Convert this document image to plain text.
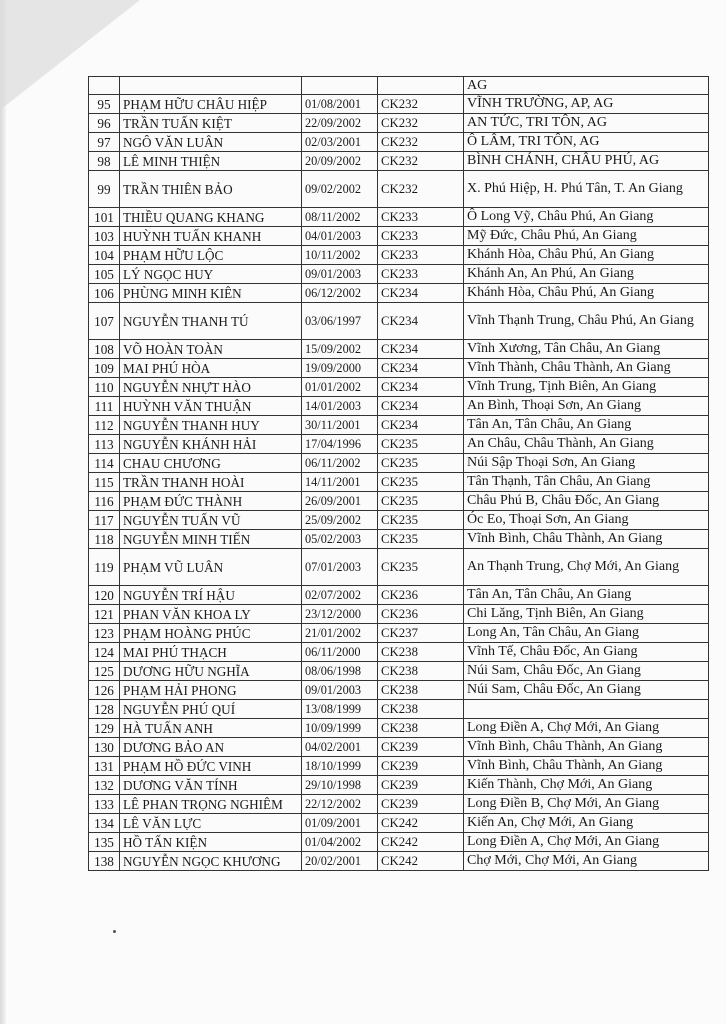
				AG
95	PHẠM HỮU CHÂU HIỆP	01/08/2001	CK232	VĨNH TRƯỜNG, AP, AG
96	TRẦN TUẤN KIỆT	22/09/2002	CK232	AN TỨC, TRI TÔN, AG
97	NGÔ VĂN LUÂN	02/03/2001	CK232	Ô LÂM, TRI TÔN, AG
98	LÊ MINH THIỆN	20/09/2002	CK232	BÌNH CHÁNH, CHÂU PHÚ, AG
99	TRẦN THIÊN BẢO	09/02/2002	CK232	X. Phú Hiệp, H. Phú Tân, T. An Giang
101	THIỀU QUANG KHANG	08/11/2002	CK233	Ô Long Vỹ, Châu Phú, An Giang
103	HUỲNH TUẤN KHANH	04/01/2003	CK233	Mỹ Đức, Châu Phú, An Giang
104	PHẠM HỮU LỘC	10/11/2002	CK233	Khánh Hòa, Châu Phú, An Giang
105	LÝ NGỌC HUY	09/01/2003	CK233	Khánh An, An Phú, An Giang
106	PHÙNG MINH KIÊN	06/12/2002	CK234	Khánh Hòa, Châu Phú, An Giang
107	NGUYỄN THANH TÚ	03/06/1997	CK234	Vĩnh Thạnh Trung, Châu Phú, An Giang
108	VÕ HOÀN TOÀN	15/09/2002	CK234	Vĩnh Xương, Tân Châu, An Giang
109	MAI PHÚ HÒA	19/09/2000	CK234	Vĩnh Thành, Châu Thành, An Giang
110	NGUYỄN NHỰT HÀO	01/01/2002	CK234	Vĩnh Trung, Tịnh Biên, An Giang
111	HUỲNH VĂN THUẬN	14/01/2003	CK234	An Bình, Thoại Sơn, An Giang
112	NGUYỄN THANH HUY	30/11/2001	CK234	Tân An, Tân Châu, An Giang
113	NGUYỄN KHÁNH HẢI	17/04/1996	CK235	An Châu, Châu Thành, An Giang
114	CHAU CHƯƠNG	06/11/2002	CK235	Núi Sập Thoại Sơn, An Giang
115	TRẦN THANH HOÀI	14/11/2001	CK235	Tân Thạnh, Tân Châu, An Giang
116	PHẠM ĐỨC THÀNH	26/09/2001	CK235	Châu Phú B, Châu Đốc, An Giang
117	NGUYỄN TUẤN VŨ	25/09/2002	CK235	Óc Eo, Thoại Sơn, An Giang
118	NGUYỄN MINH TIẾN	05/02/2003	CK235	Vĩnh Bình, Châu Thành, An Giang
119	PHẠM VŨ LUÂN	07/01/2003	CK235	An Thạnh Trung, Chợ Mới, An Giang
120	NGUYỄN TRÍ HẬU	02/07/2002	CK236	Tân An, Tân Châu, An Giang
121	PHAN VĂN KHOA LY	23/12/2000	CK236	Chi Lăng, Tịnh Biên, An Giang
123	PHẠM HOÀNG PHÚC	21/01/2002	CK237	Long An, Tân Châu, An Giang
124	MAI PHÚ THẠCH	06/11/2000	CK238	Vĩnh Tế, Châu Đốc, An Giang
125	DƯƠNG HỮU NGHĨA	08/06/1998	CK238	Núi Sam, Châu Đốc, An Giang
126	PHẠM HẢI PHONG	09/01/2003	CK238	Núi Sam, Châu Đốc, An Giang
128	NGUYỄN PHÚ QUÍ	13/08/1999	CK238	
129	HÀ TUẤN ANH	10/09/1999	CK238	Long Điền A, Chợ Mới, An Giang
130	DƯƠNG BẢO AN	04/02/2001	CK239	Vĩnh Bình, Châu Thành, An Giang
131	PHẠM HỒ ĐỨC VINH	18/10/1999	CK239	Vĩnh Bình, Châu Thành, An Giang
132	DƯƠNG VĂN TÍNH	29/10/1998	CK239	Kiến Thành, Chợ Mới, An Giang
133	LÊ PHAN TRỌNG NGHIÊM	22/12/2002	CK239	Long Điền B, Chợ Mới, An Giang
134	LÊ VĂN LỰC	01/09/2001	CK242	Kiến An, Chợ Mới, An Giang
135	HỒ TẤN KIỆN	01/04/2002	CK242	Long Điền A, Chợ Mới, An Giang
138	NGUYỄN NGỌC KHƯƠNG	20/02/2001	CK242	Chợ Mới, Chợ Mới, An Giang
